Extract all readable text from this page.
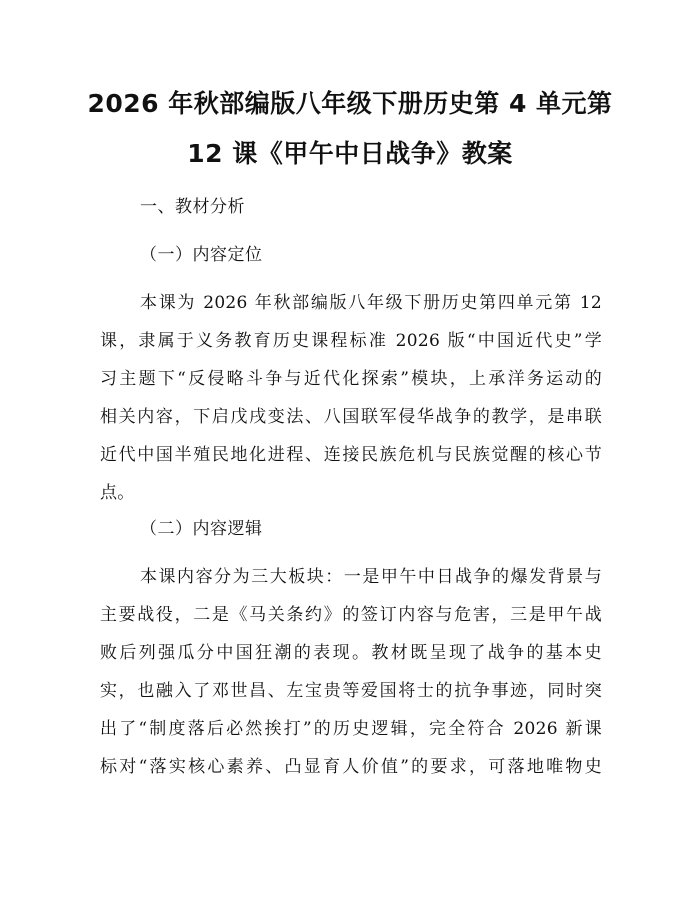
2026 年秋部编版八年级下册历史第 4 单元第
12 课《甲午中日战争》教案
一、教材分析
（一）内容定位
本课为 2026 年秋部编版八年级下册历史第四单元第 12
课，隶属于义务教育历史课程标准 2026 版“中国近代史”学
习主题下“反侵略斗争与近代化探索”模块，上承洋务运动的
相关内容，下启戊戌变法、八国联军侵华战争的教学，是串联
近代中国半殖民地化进程、连接民族危机与民族觉醒的核心节
点。
（二）内容逻辑
本课内容分为三大板块：一是甲午中日战争的爆发背景与
主要战役，二是《马关条约》的签订内容与危害，三是甲午战
败后列强瓜分中国狂潮的表现。教材既呈现了战争的基本史
实，也融入了邓世昌、左宝贵等爱国将士的抗争事迹，同时突
出了“制度落后必然挨打”的历史逻辑，完全符合 2026 新课
标对“落实核心素养、凸显育人价值”的要求，可落地唯物史
